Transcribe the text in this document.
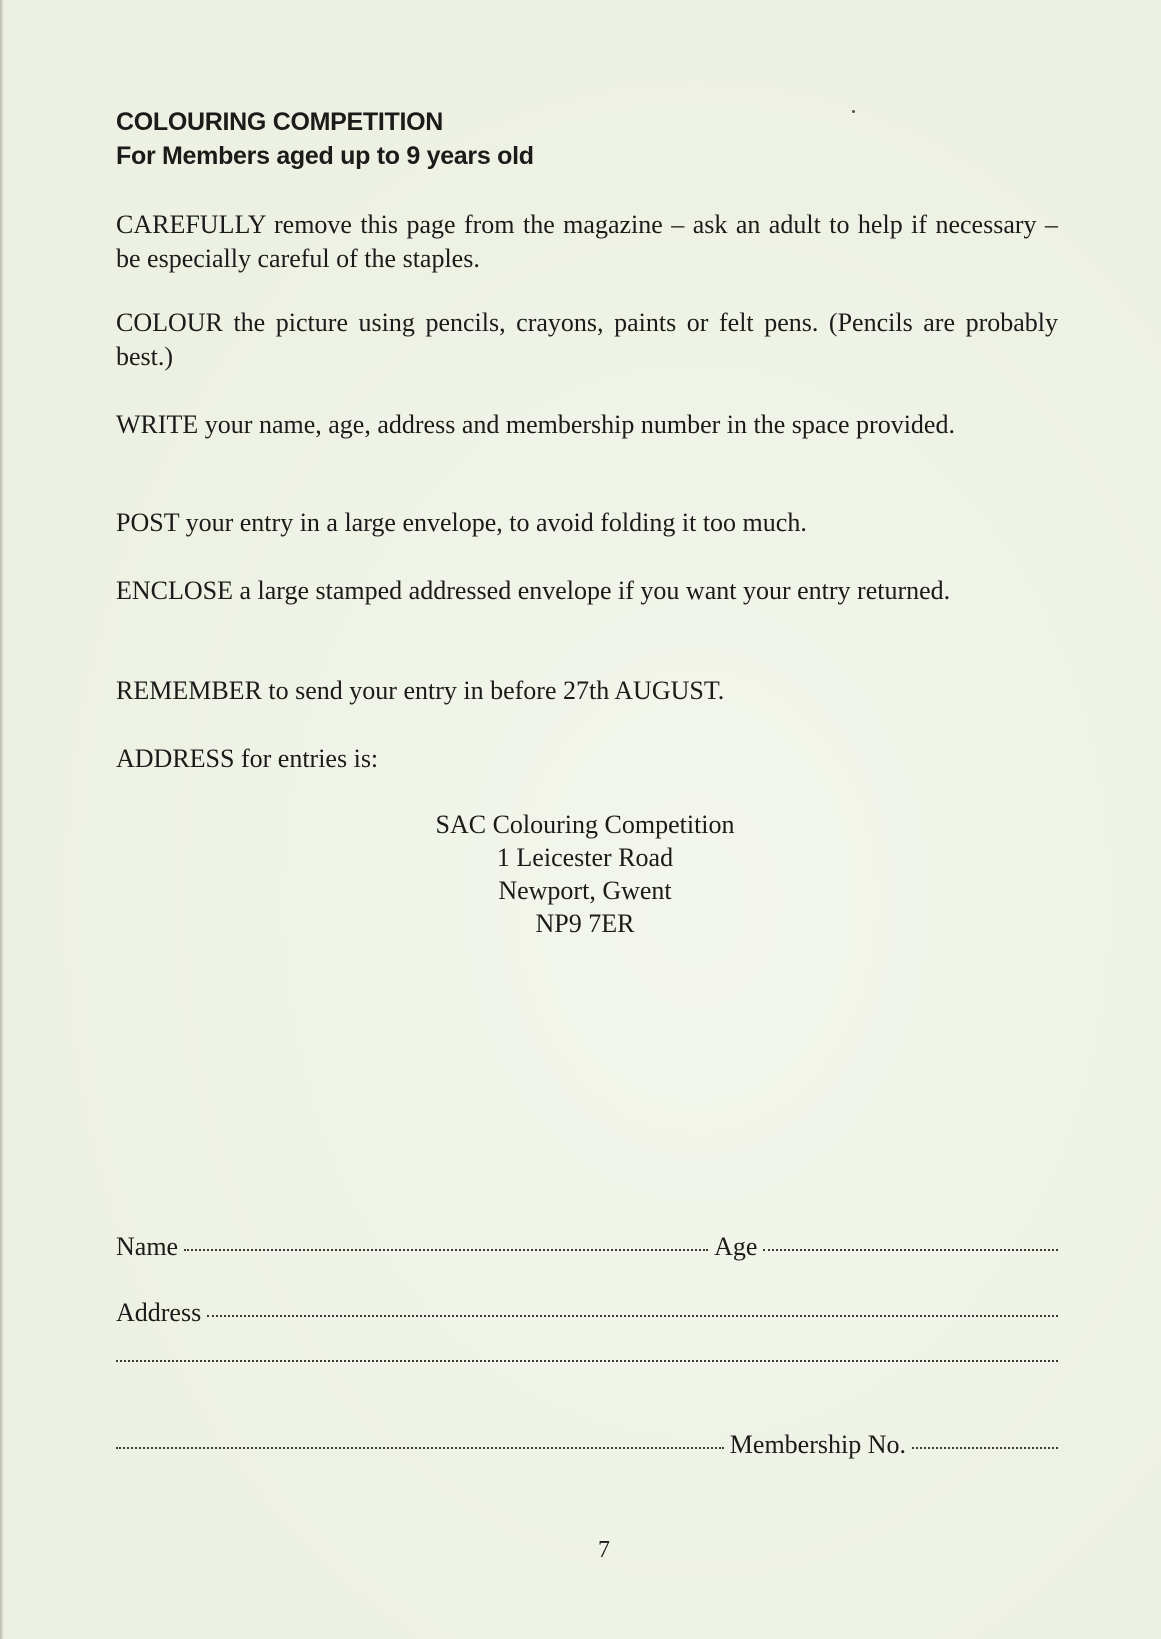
COLOURING COMPETITION
For Members aged up to 9 years old
CAREFULLY remove this page from the magazine – ask an adult to help if necessary – be especially careful of the staples.
COLOUR the picture using pencils, crayons, paints or felt pens. (Pencils are probably best.)
WRITE your name, age, address and membership number in the space provided.
POST your entry in a large envelope, to avoid folding it too much.
ENCLOSE a large stamped addressed envelope if you want your entry returned.
REMEMBER to send your entry in before 27th AUGUST.
ADDRESS for entries is:
SAC Colouring Competition
1 Leicester Road
Newport, Gwent
NP9 7ER
Name	Age
Address
Membership No.
7
